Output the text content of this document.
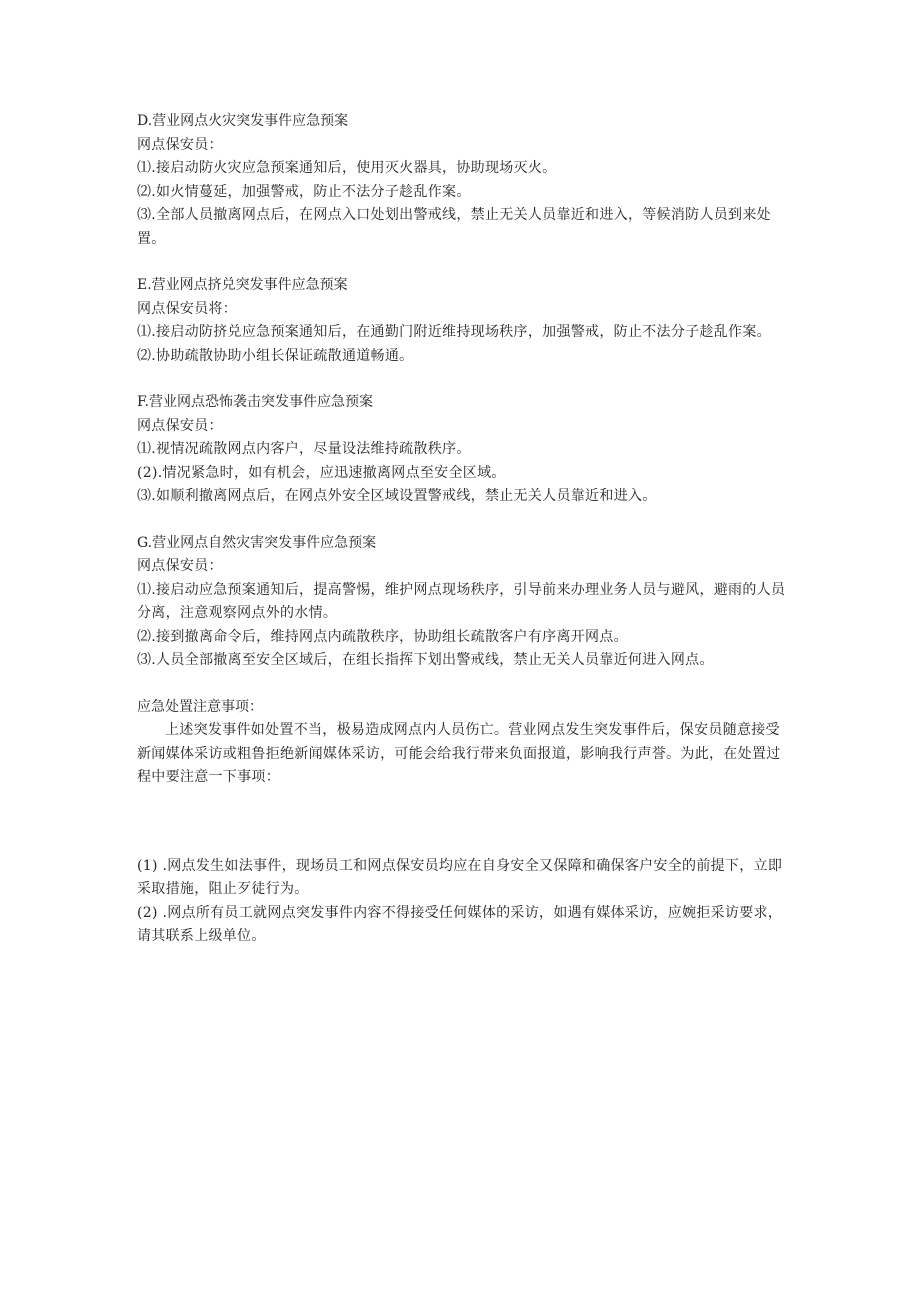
D.营业网点火灾突发事件应急预案
网点保安员：
⑴.接启动防火灾应急预案通知后，使用灭火器具，协助现场灭火。
⑵.如火情蔓延，加强警戒，防止不法分子趁乱作案。
⑶.全部人员撤离网点后，在网点入口处划出警戒线，禁止无关人员靠近和进入，等候消防人员到来处置。
E.营业网点挤兑突发事件应急预案
网点保安员将：
⑴.接启动防挤兑应急预案通知后，在通勤门附近维持现场秩序，加强警戒，防止不法分子趁乱作案。
⑵.协助疏散协助小组长保证疏散通道畅通。
F.营业网点恐怖袭击突发事件应急预案
网点保安员：
⑴.视情况疏散网点内客户，尽量设法维持疏散秩序。
(2).情况紧急时，如有机会，应迅速撤离网点至安全区域。
⑶.如顺利撤离网点后，在网点外安全区域设置警戒线，禁止无关人员靠近和进入。
G.营业网点自然灾害突发事件应急预案
网点保安员：
⑴.接启动应急预案通知后，提高警惕，维护网点现场秩序，引导前来办理业务人员与避风，避雨的人员分离，注意观察网点外的水情。
⑵.接到撤离命令后，维持网点内疏散秩序，协助组长疏散客户有序离开网点。
⑶.人员全部撤离至安全区域后，在组长指挥下划出警戒线，禁止无关人员靠近何进入网点。
应急处置注意事项：
上述突发事件如处置不当，极易造成网点内人员伤亡。营业网点发生突发事件后，保安员随意接受新闻媒体采访或粗鲁拒绝新闻媒体采访，可能会给我行带来负面报道，影响我行声誉。为此，在处置过程中要注意一下事项：
(1) .网点发生如法事件，现场员工和网点保安员均应在自身安全又保障和确保客户安全的前提下，立即采取措施，阻止歹徒行为。
(2) .网点所有员工就网点突发事件内容不得接受任何媒体的采访，如遇有媒体采访，应婉拒采访要求，请其联系上级单位。
